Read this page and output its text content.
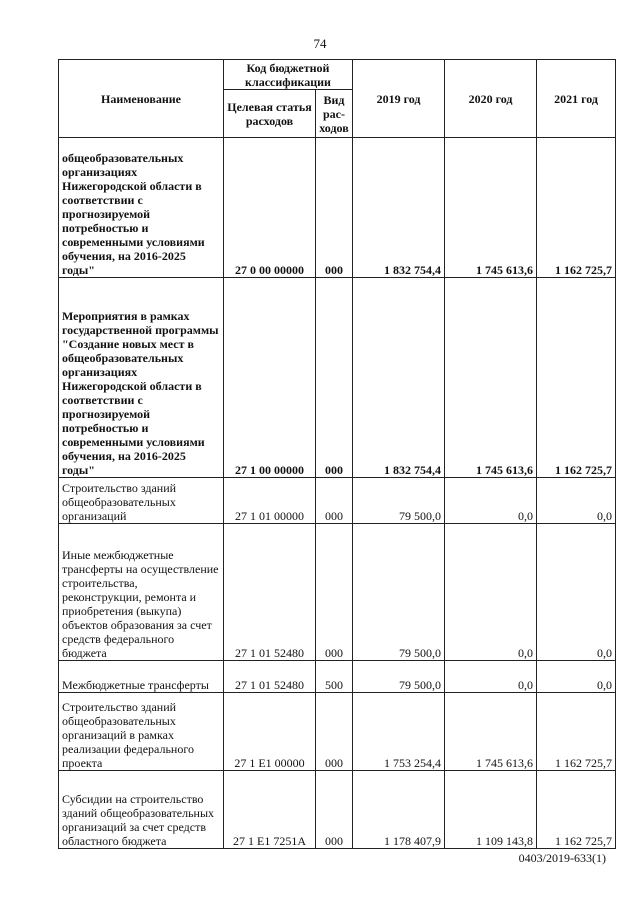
74
Наименование	Код бюджетной классификации		2019 год	2020 год	2021 год
	Целевая статья расходов	Вид рас-ходов			
общеобразовательных организациях Нижегородской области в соответствии с прогнозируемой потребностью и современными условиями обучения, на 2016-2025 годы"	27 0 00 00000	000	1 832 754,4	1 745 613,6	1 162 725,7
Мероприятия в рамках государственной программы "Создание новых мест в общеобразовательных организациях Нижегородской области в соответствии с прогнозируемой потребностью и современными условиями обучения, на 2016-2025 годы"	27 1 00 00000	000	1 832 754,4	1 745 613,6	1 162 725,7
Строительство зданий общеобразовательных организаций	27 1 01 00000	000	79 500,0	0,0	0,0
Иные межбюджетные трансферты на осуществление строительства, реконструкции, ремонта и приобретения (выкупа) объектов образования за счет средств федерального бюджета	27 1 01 52480	000	79 500,0	0,0	0,0
Межбюджетные трансферты	27 1 01 52480	500	79 500,0	0,0	0,0
Строительство зданий общеобразовательных организаций в рамках реализации федерального проекта	27 1 E1 00000	000	1 753 254,4	1 745 613,6	1 162 725,7
Субсидии на строительство зданий общеобразовательных организаций за счет средств областного бюджета	27 1 E1 7251A	000	1 178 407,9	1 109 143,8	1 162 725,7
0403/2019-633(1)
